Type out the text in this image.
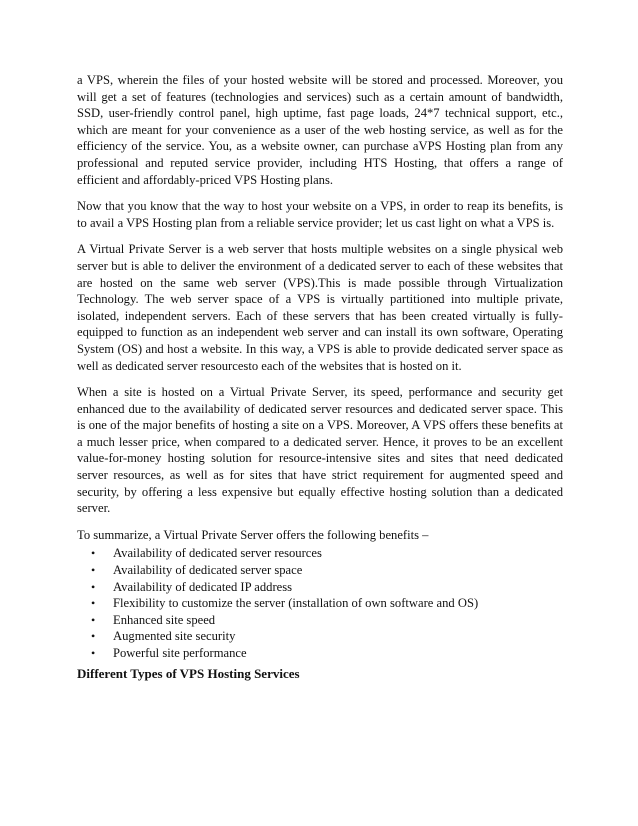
a VPS, wherein the files of your hosted website will be stored and processed. Moreover, you will get a set of features (technologies and services) such as a certain amount of bandwidth, SSD, user-friendly control panel, high uptime, fast page loads, 24*7 technical support, etc., which are meant for your convenience as a user of the web hosting service, as well as for the efficiency of the service. You, as a website owner, can purchase aVPS Hosting plan from any professional and reputed service provider, including HTS Hosting, that offers a range of efficient and affordably-priced VPS Hosting plans.

Now that you know that the way to host your website on a VPS, in order to reap its benefits, is to avail a VPS Hosting plan from a reliable service provider; let us cast light on what a VPS is.

A Virtual Private Server is a web server that hosts multiple websites on a single physical web server but is able to deliver the environment of a dedicated server to each of these websites that are hosted on the same web server (VPS).This is made possible through Virtualization Technology. The web server space of a VPS is virtually partitioned into multiple private, isolated, independent servers. Each of these servers that has been created virtually is fully-equipped to function as an independent web server and can install its own software, Operating System (OS) and host a website. In this way, a VPS is able to provide dedicated server space as well as dedicated server resourcesto each of the websites that is hosted on it.

When a site is hosted on a Virtual Private Server, its speed, performance and security get enhanced due to the availability of dedicated server resources and dedicated server space. This is one of the major benefits of hosting a site on a VPS. Moreover, A VPS offers these benefits at a much lesser price, when compared to a dedicated server. Hence, it proves to be an excellent value-for-money hosting solution for resource-intensive sites and sites that need dedicated server resources, as well as for sites that have strict requirement for augmented speed and security, by offering a less expensive but equally effective hosting solution than a dedicated server.

To summarize, a Virtual Private Server offers the following benefits –

• Availability of dedicated server resources
• Availability of dedicated server space
• Availability of dedicated IP address
• Flexibility to customize the server (installation of own software and OS)
• Enhanced site speed
• Augmented site security
• Powerful site performance
Different Types of VPS Hosting Services
